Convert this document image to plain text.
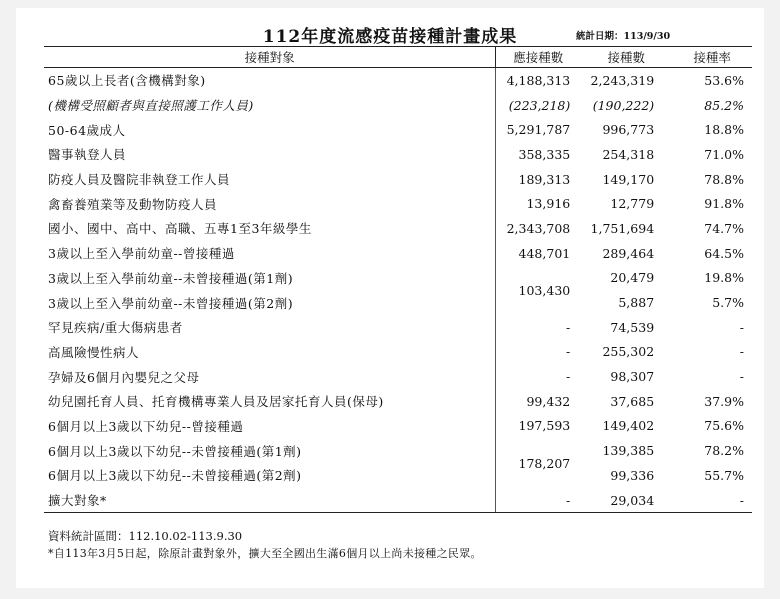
112年度流感疫苗接種計畫成果	統計日期：113/9/30
接種對象	應接種數	接種數	接種率
65歲以上長者(含機構對象)	4,188,313	2,243,319	53.6%
(機構受照顧者與直接照護工作人員)	(223,218)	(190,222)	85.2%
50-64歲成人	5,291,787	996,773	18.8%
醫事執登人員	358,335	254,318	71.0%
防疫人員及醫院非執登工作人員	189,313	149,170	78.8%
禽畜養殖業等及動物防疫人員	13,916	12,779	91.8%
國小、國中、高中、高職、五專1至3年級學生	2,343,708	1,751,694	74.7%
3歲以上至入學前幼童--曾接種過	448,701	289,464	64.5%
3歲以上至入學前幼童--未曾接種過(第1劑)	103,430	20,479	19.8%
3歲以上至入學前幼童--未曾接種過(第2劑)		5,887	5.7%
罕見疾病/重大傷病患者	-	74,539	-
高風險慢性病人	-	255,302	-
孕婦及6個月內嬰兒之父母	-	98,307	-
幼兒園托育人員、托育機構專業人員及居家托育人員(保母)	99,432	37,685	37.9%
6個月以上3歲以下幼兒--曾接種過	197,593	149,402	75.6%
6個月以上3歲以下幼兒--未曾接種過(第1劑)	178,207	139,385	78.2%
6個月以上3歲以下幼兒--未曾接種過(第2劑)		99,336	55.7%
擴大對象*	-	29,034	-
資料統計區間：112.10.02-113.9.30
*自113年3月5日起，除原計畫對象外，擴大至全國出生滿6個月以上尚未接種之民眾。
